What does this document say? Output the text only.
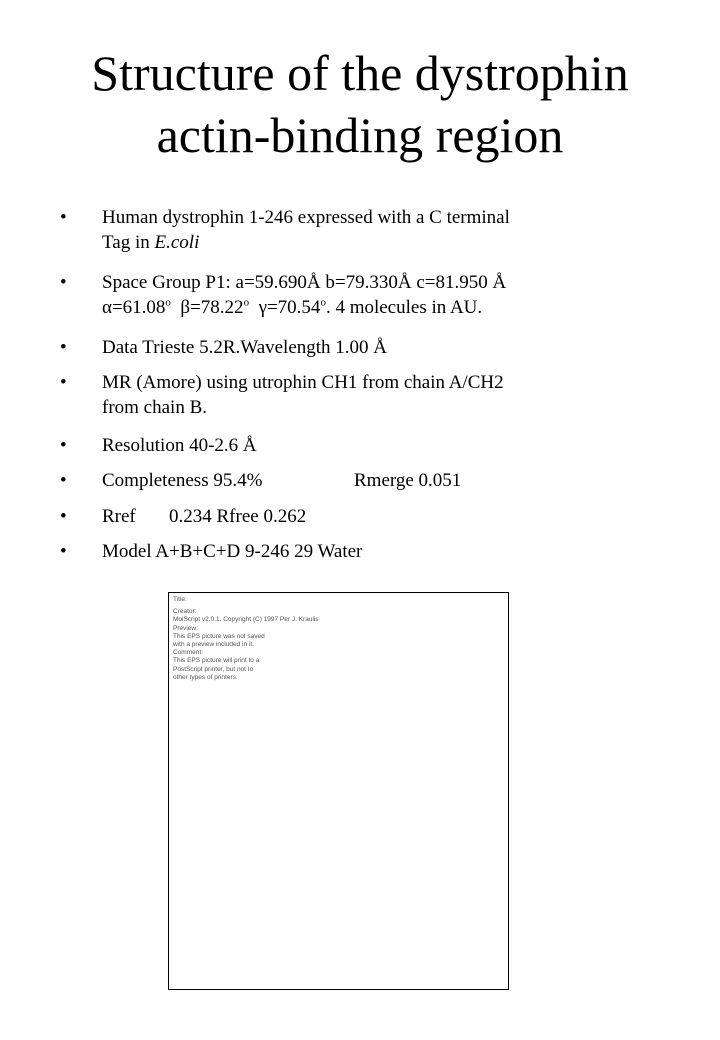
Structure of the dystrophin
actin-binding region
• Human dystrophin 1-246 expressed with a C terminal
Tag in E.coli
• Space Group P1: a=59.690Å b=79.330Å c=81.950 Å
$\alpha=61.08^o$ $\beta=78.22^o$ $\gamma=70.54^o$. 4 molecules in AU.
• Data Trieste 5.2R.Wavelength 1.00 Å
• MR (Amore) using utrophin CH1 from chain A/CH2
from chain B.
• Resolution 40-2.6 Å
• Completeness 95.4%	Rmerge 0.051
• Rref 0.234 Rfree 0.262
• Model A+B+C+D 9-246 29 Water
Title:
Creator:
MolScript v2.0.1. Copyright (C) 1997 Per J. Kraulis
Preview:
This EPS picture was not saved
with a preview included in it.
Comment:
This EPS picture will print to a
PostScript printer, but not to
other types of printers.
